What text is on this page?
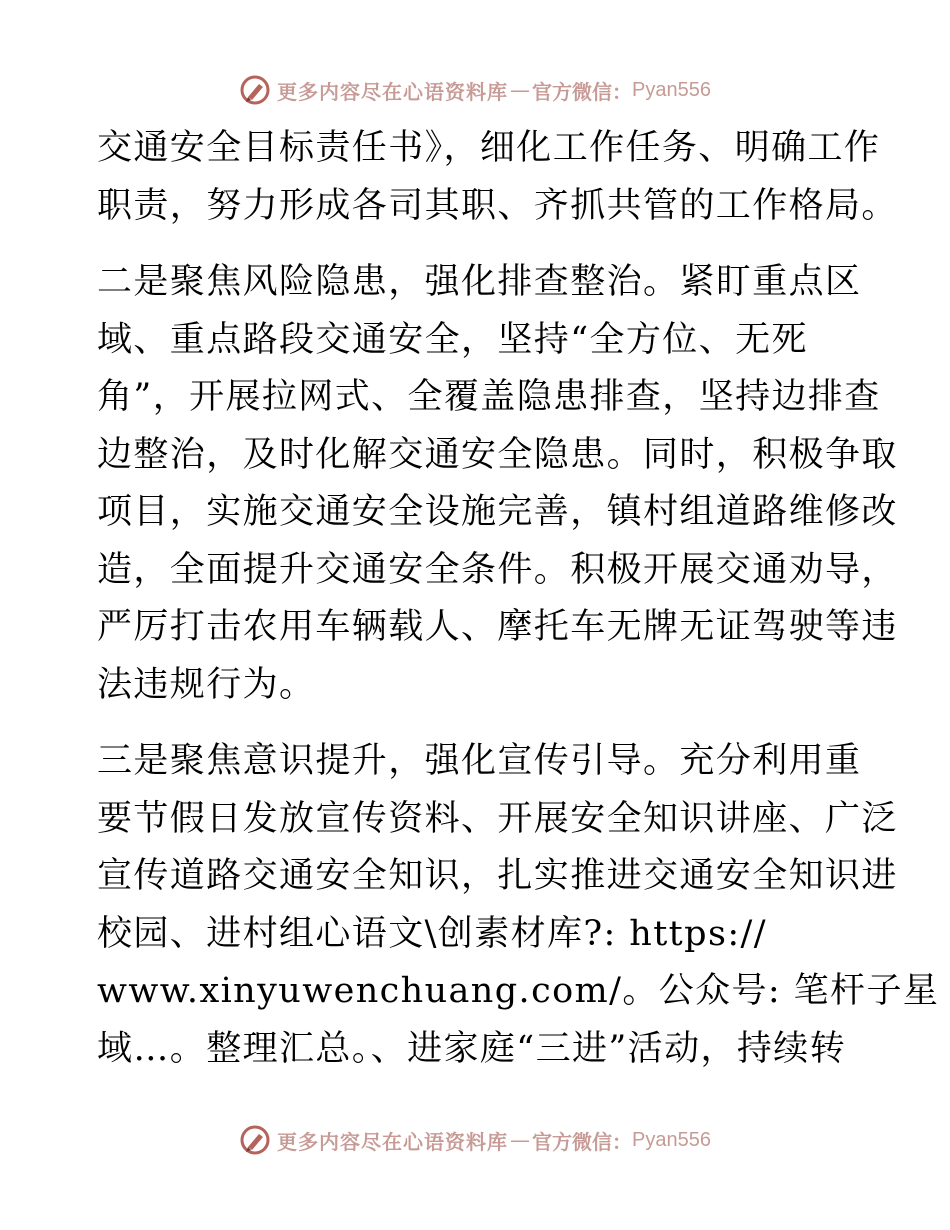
更多内容尽在心语资料库 — 官方微信： Pyan556
交通安全目标责任书》，细化工作任务、明确工作
职责，努力形成各司其职、齐抓共管的工作格局。
二是聚焦风险隐患，强化排查整治。紧盯重点区
域、重点路段交通安全，坚持“全方位、无死
角”，开展拉网式、全覆盖隐患排查，坚持边排查
边整治，及时化解交通安全隐患。同时，积极争取
项目，实施交通安全设施完善，镇村组道路维修改
造，全面提升交通安全条件。积极开展交通劝导，
严厉打击农用车辆载人、摩托车无牌无证驾驶等违
法违规行为。
三是聚焦意识提升，强化宣传引导。充分利用重
要节假日发放宣传资料、开展安全知识讲座、广泛
宣传道路交通安全知识，扎实推进交通安全知识进
校园、进村组心语文\创素材库?: https://
www.xinyuwenchuang.com/。公众号: 笔杆子星
域…。整理汇总。、进家庭“三进”活动，持续转
更多内容尽在心语资料库 — 官方微信： Pyan556
